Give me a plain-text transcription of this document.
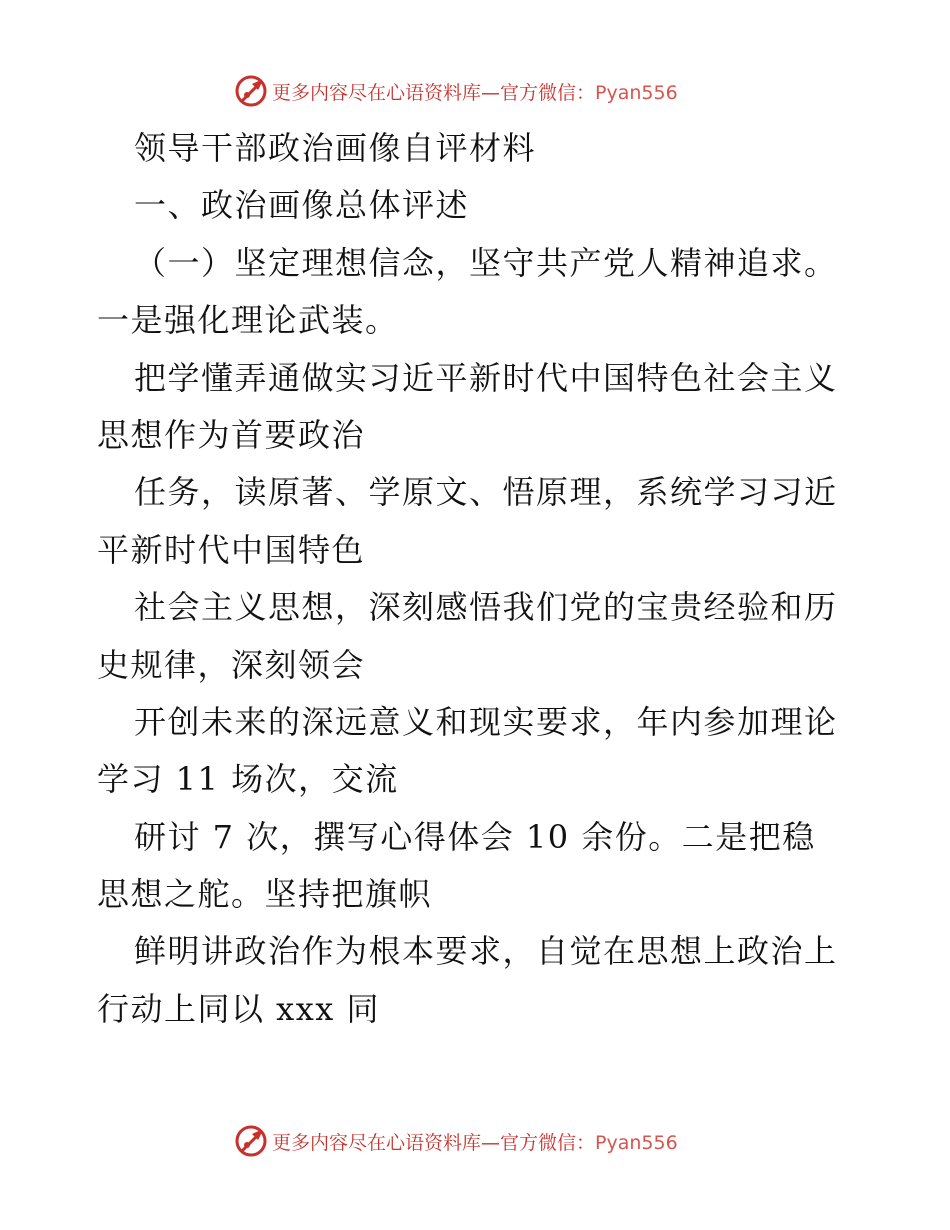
更多内容尽在心语资料库—官方微信：Pyan556
领导干部政治画像自评材料
一、政治画像总体评述
（一）坚定理想信念，坚守共产党人精神追求。
一是强化理论武装。
把学懂弄通做实习近平新时代中国特色社会主义
思想作为首要政治
任务，读原著、学原文、悟原理，系统学习习近
平新时代中国特色
社会主义思想，深刻感悟我们党的宝贵经验和历
史规律，深刻领会
开创未来的深远意义和现实要求，年内参加理论
学习 11 场次，交流
研讨 7 次，撰写心得体会 10 余份。二是把稳
思想之舵。坚持把旗帜
鲜明讲政治作为根本要求，自觉在思想上政治上
行动上同以 xxx 同
更多内容尽在心语资料库—官方微信：Pyan556
